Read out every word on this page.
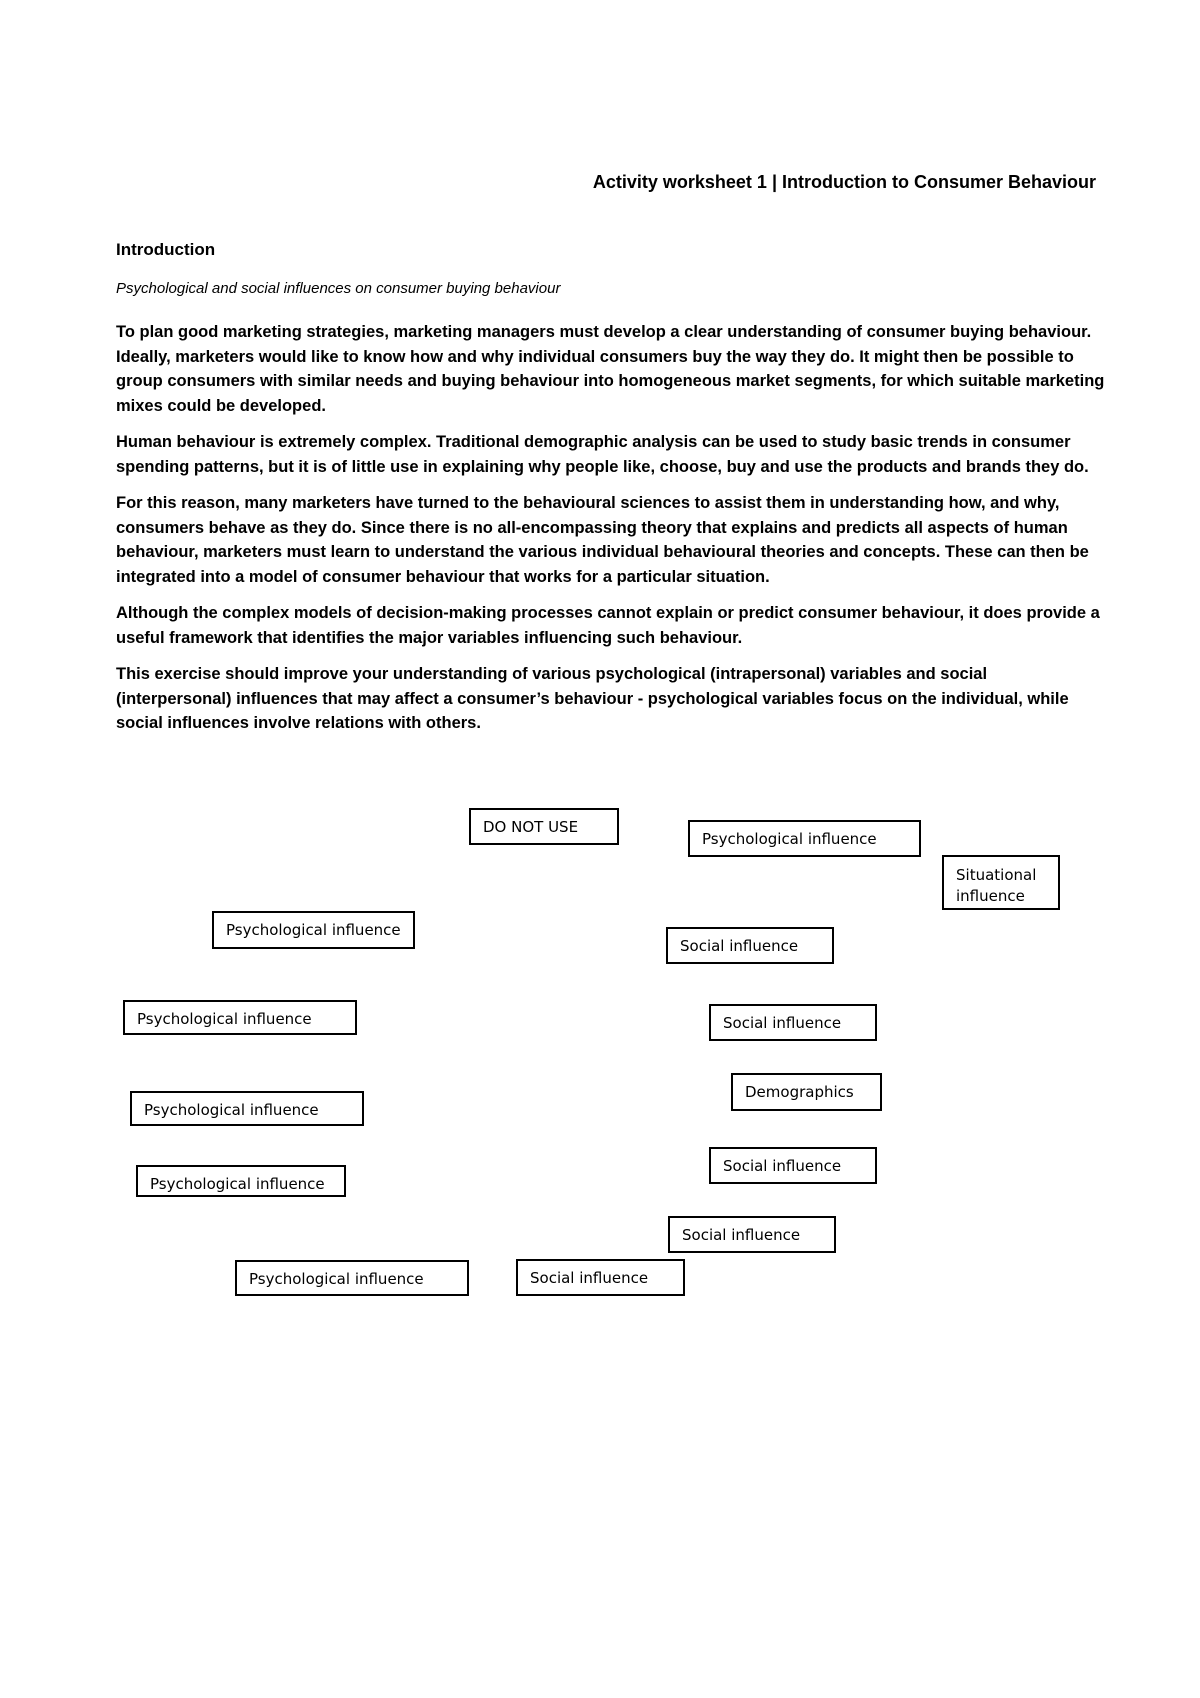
Activity worksheet 1 | Introduction to Consumer Behaviour
Introduction
Psychological and social influences on consumer buying behaviour

To plan good marketing strategies, marketing managers must develop a clear understanding of consumer buying behaviour. Ideally, marketers would like to know how and why individual consumers buy the way they do. It might then be possible to group consumers with similar needs and buying behaviour into homogeneous market segments, for which suitable marketing mixes could be developed.

Human behaviour is extremely complex. Traditional demographic analysis can be used to study basic trends in consumer spending patterns, but it is of little use in explaining why people like, choose, buy and use the products and brands they do.

For this reason, many marketers have turned to the behavioural sciences to assist them in understanding how, and why, consumers behave as they do. Since there is no all-encompassing theory that explains and predicts all aspects of human behaviour, marketers must learn to understand the various individual behavioural theories and concepts. These can then be integrated into a model of consumer behaviour that works for a particular situation.

Although the complex models of decision-making processes cannot explain or predict consumer behaviour, it does provide a useful framework that identifies the major variables influencing such behaviour.

This exercise should improve your understanding of various psychological (intrapersonal) variables and social (interpersonal) influences that may affect a consumer’s behaviour - psychological variables focus on the individual, while social influences involve relations with others.

DO NOT USE
Psychological influence
Situational influence
Psychological influence
Social influence
Psychological influence	Social influence
Demographics
Psychological influence
Social influence
Psychological influence
Social influence
Psychological influence	Social influence
